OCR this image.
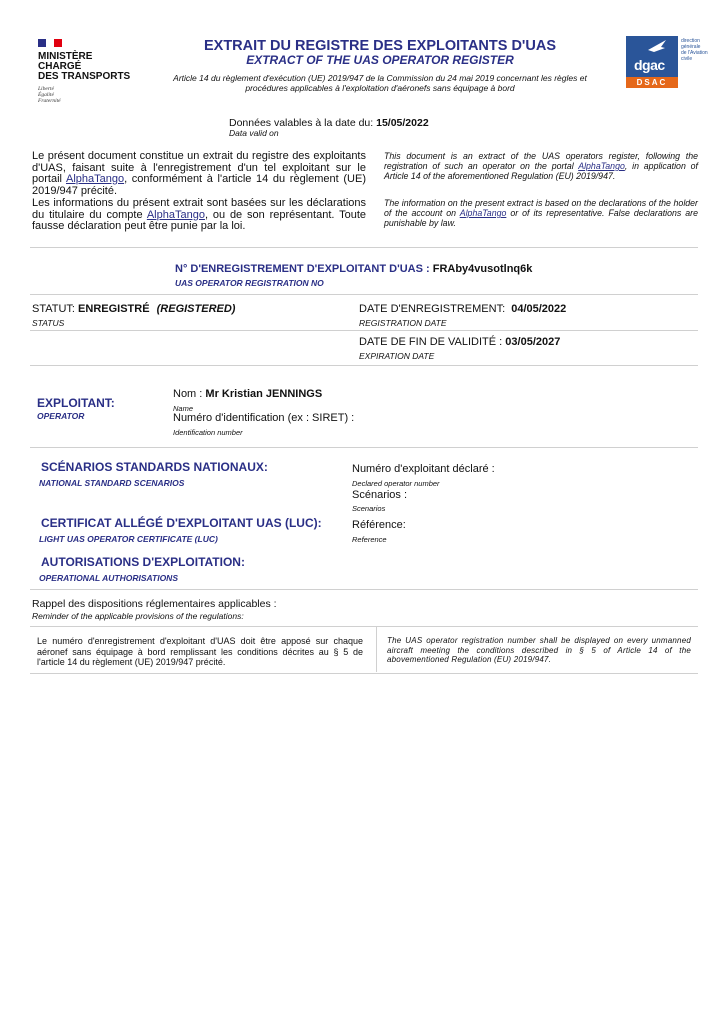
MINISTÈRE
CHARGÉ
DES TRANSPORTS
Liberté
Égalité
Fraternité
dgac
DSAC
direction
générale
de l'Aviation
civile
EXTRAIT DU REGISTRE DES EXPLOITANTS D'UAS
EXTRACT OF THE UAS OPERATOR REGISTER
Article 14 du règlement d'exécution (UE) 2019/947 de la Commission du 24 mai 2019 concernant les règles et
procédures applicables à l'exploitation d'aéronefs sans équipage à bord
Données valables à la date du: 15/05/2022
Data valid on
Le présent document constitue un extrait du registre des exploitants d'UAS, faisant suite à l'enregistrement d'un tel exploitant sur le portail AlphaTango, conformément à l'article 14 du règlement (UE) 2019/947 précité.
Les informations du présent extrait sont basées sur les déclarations du titulaire du compte AlphaTango, ou de son représentant. Toute fausse déclaration peut être punie par la loi.
This document is an extract of the UAS operators register, following the registration of such an operator on the portal AlphaTango, in application of Article 14 of the aforementioned Regulation (EU) 2019/947.
The information on the present extract is based on the declarations of the holder of the account on AlphaTango or of its representative. False declarations are punishable by law.
N° D'ENREGISTREMENT D'EXPLOITANT D'UAS : FRAby4vusotlnq6k
UAS OPERATOR REGISTRATION NO
STATUT: ENREGISTRÉ (REGISTERED)
STATUS
DATE D'ENREGISTREMENT: 04/05/2022
REGISTRATION DATE
DATE DE FIN DE VALIDITÉ : 03/05/2027
EXPIRATION DATE
EXPLOITANT:
OPERATOR
Nom : Mr Kristian JENNINGS
Name
Numéro d'identification (ex : SIRET) :
Identification number
SCÉNARIOS STANDARDS NATIONAUX:
NATIONAL STANDARD SCENARIOS
Numéro d'exploitant déclaré :
Declared operator number
Scénarios :
Scenarios
CERTIFICAT ALLÉGÉ D'EXPLOITANT UAS (LUC):
LIGHT UAS OPERATOR CERTIFICATE (LUC)
Référence:
Reference
AUTORISATIONS D'EXPLOITATION:
OPERATIONAL AUTHORISATIONS
Rappel des dispositions réglementaires applicables :
Reminder of the applicable provisions of the regulations:
Le numéro d'enregistrement d'exploitant d'UAS doit être apposé sur chaque aéronef sans équipage à bord remplissant les conditions décrites au § 5 de l'article 14 du règlement (UE) 2019/947 précité.
The UAS operator registration number shall be displayed on every unmanned aircraft meeting the conditions described in § 5 of Article 14 of the abovementioned Regulation (EU) 2019/947.
